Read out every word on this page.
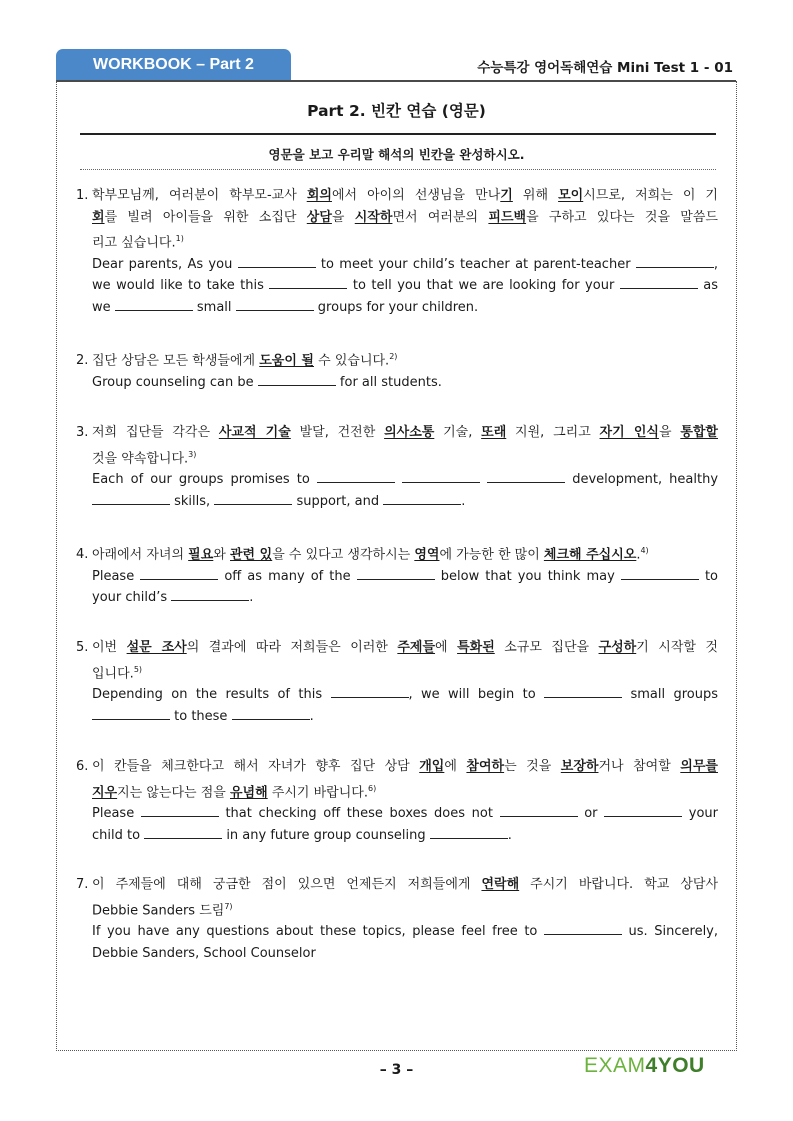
WORKBOOK – Part 2	수능특강 영어독해연습 Mini Test 1 - 01
Part 2. 빈칸 연습 (영문)
영문을 보고 우리말 해석의 빈칸을 완성하시오.
1. 학부모님께, 여러분이 학부모-교사 회의에서 아이의 선생님을 만나기 위해 모이시므로, 저희는 이 기
회를 빌려 아이들을 위한 소집단 상담을 시작하면서 여러분의 피드백을 구하고 있다는 것을 말씀드
리고 싶습니다.$^{1)}$
Dear parents, As you	to meet your child’s teacher at parent-teacher	,
we would like to take this	to tell you that we are looking for your	as
we	small	groups for your children.
2. 집단 상담은 모든 학생들에게 도움이 될 수 있습니다.$^{2)}$
Group counseling can be	for all students.
3. 저희 집단들 각각은 사교적 기술 발달, 건전한 의사소통 기술, 또래 지원, 그리고 자기 인식을 통합할
것을 약속합니다.$^{3)}$
Each of our groups promises to	development, healthy
skills,	support, and	.
4. 아래에서 자녀의 필요와 관련 있을 수 있다고 생각하시는 영역에 가능한 한 많이 체크해 주십시오.$^{4)}$
Please	off as many of the	below that you think may	to
your child’s	.
5. 이번 설문 조사의 결과에 따라 저희들은 이러한 주제들에 특화된 소규모 집단을 구성하기 시작할 것
입니다.$^{5)}$
Depending on the results of this	, we will begin to	small groups
to these	.
6. 이 칸들을 체크한다고 해서 자녀가 향후 집단 상담 개입에 참여하는 것을 보장하거나 참여할 의무를
지우지는 않는다는 점을 유념해 주시기 바랍니다.$^{6)}$
Please	that checking off these boxes does not	or	your
child to	in any future group counseling	.
7. 이 주제들에 대해 궁금한 점이 있으면 언제든지 저희들에게 연락해 주시기 바랍니다. 학교 상담사
Debbie Sanders 드림$^{7)}$
If you have any questions about these topics, please feel free to	us. Sincerely,
Debbie Sanders, School Counselor
– 3 –	EXAM4YOU
